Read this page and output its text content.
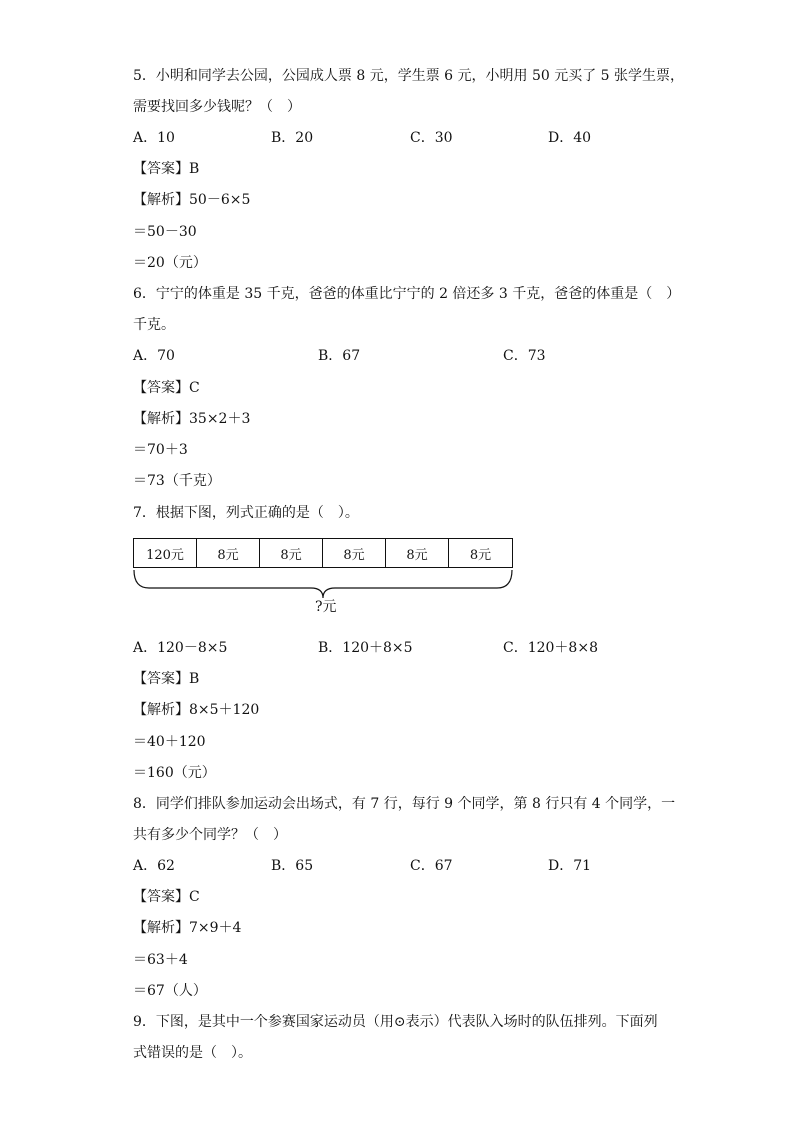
5．小明和同学去公园，公园成人票 8 元，学生票 6 元，小明用 50 元买了 5 张学生票，
需要找回多少钱呢？（　）
A．10	B．20	C．30	D．40
【答案】B
【解析】50－6×5
＝50－30
＝20（元）
6．宁宁的体重是 35 千克，爸爸的体重比宁宁的 2 倍还多 3 千克，爸爸的体重是（　）
千克。
A．70	B．67	C．73
【答案】C
【解析】35×2＋3
＝70＋3
＝73（千克）
7．根据下图，列式正确的是（　）。
120元	8元	8元	8元	8元	8元
?元
A．120－8×5	B．120＋8×5	C．120＋8×8
【答案】B
【解析】8×5＋120
＝40＋120
＝160（元）
8．同学们排队参加运动会出场式，有 7 行，每行 9 个同学，第 8 行只有 4 个同学，一
共有多少个同学？（　）
A．62	B．65	C．67	D．71
【答案】C
【解析】7×9＋4
＝63＋4
＝67（人）
9．下图，是其中一个参赛国家运动员（用⊙表示）代表队入场时的队伍排列。下面列
式错误的是（　）。
